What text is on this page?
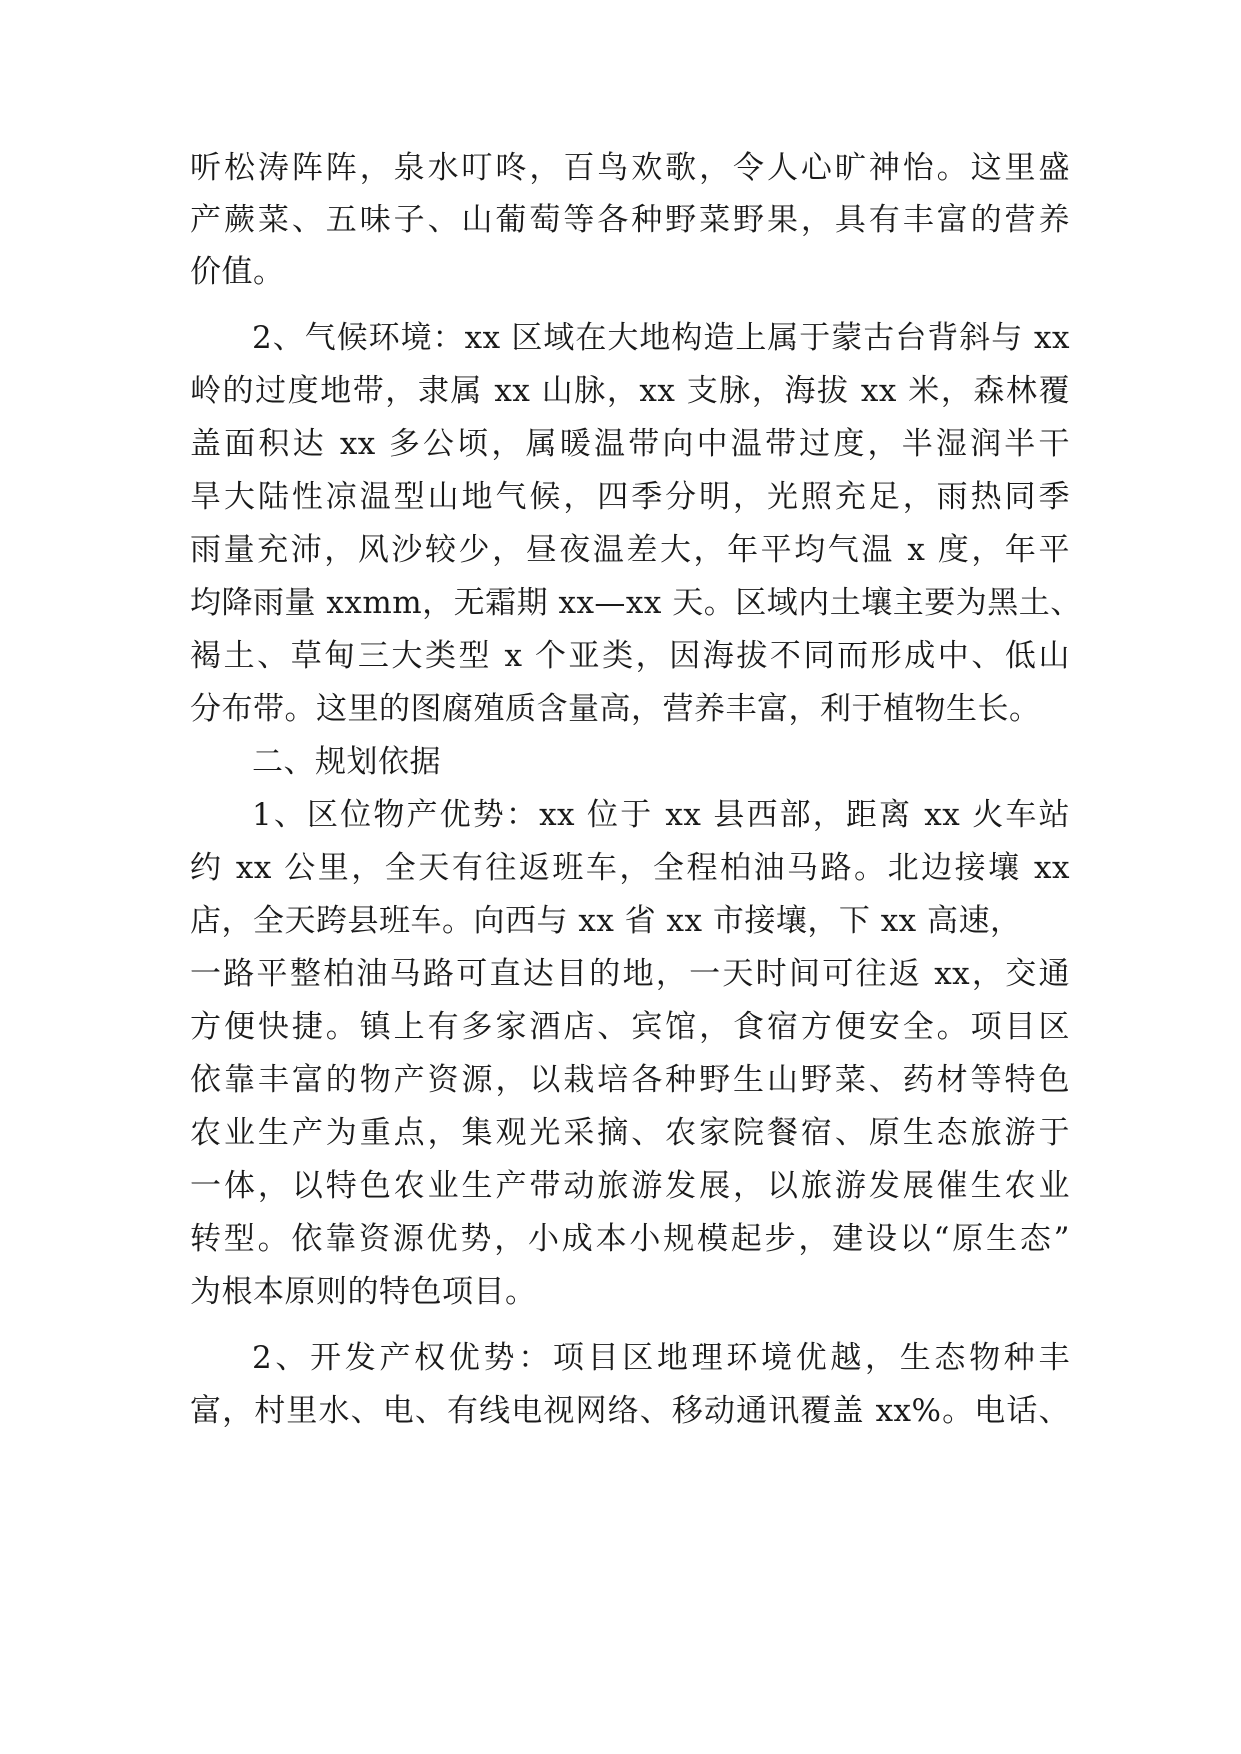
听松涛阵阵，泉水叮咚，百鸟欢歌，令人心旷神怡。这里盛
产蕨菜、五味子、山葡萄等各种野菜野果，具有丰富的营养
价值。
2、气候环境：xx 区域在大地构造上属于蒙古台背斜与 xx
岭的过度地带，隶属 xx 山脉，xx 支脉，海拔 xx 米，森林覆
盖面积达 xx 多公顷，属暖温带向中温带过度，半湿润半干
旱大陆性凉温型山地气候，四季分明，光照充足，雨热同季
雨量充沛，风沙较少，昼夜温差大，年平均气温 x 度，年平
均降雨量 xxmm，无霜期 xx—xx 天。区域内土壤主要为黑土、
褐土、草甸三大类型 x 个亚类，因海拔不同而形成中、低山
分布带。这里的图腐殖质含量高，营养丰富，利于植物生长。
二、规划依据
1、区位物产优势：xx 位于 xx 县西部，距离 xx 火车站
约 xx 公里，全天有往返班车，全程柏油马路。北边接壤 xx
店，全天跨县班车。向西与 xx 省 xx 市接壤，下 xx 高速，
一路平整柏油马路可直达目的地，一天时间可往返 xx，交通
方便快捷。镇上有多家酒店、宾馆，食宿方便安全。项目区
依靠丰富的物产资源，以栽培各种野生山野菜、药材等特色
农业生产为重点，集观光采摘、农家院餐宿、原生态旅游于
一体，以特色农业生产带动旅游发展，以旅游发展催生农业
转型。依靠资源优势，小成本小规模起步，建设以“原生态”
为根本原则的特色项目。
2、开发产权优势：项目区地理环境优越，生态物种丰
富，村里水、电、有线电视网络、移动通讯覆盖 xx%。电话、
